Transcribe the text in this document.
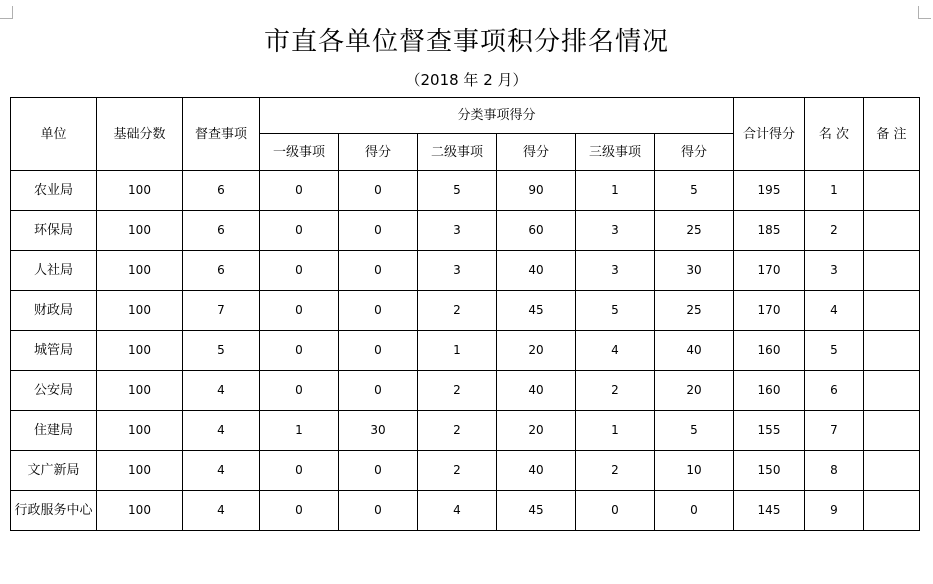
市直各单位督查事项积分排名情况
（2018 年 2 月）
单位	基础分数	督查事项	分类事项得分						合计得分	名 次	备 注
			一级事项	得分	二级事项	得分	三级事项	得分			
农业局	100	6	0	0	5	90	1	5	195	1	
环保局	100	6	0	0	3	60	3	25	185	2	
人社局	100	6	0	0	3	40	3	30	170	3	
财政局	100	7	0	0	2	45	5	25	170	4	
城管局	100	5	0	0	1	20	4	40	160	5	
公安局	100	4	0	0	2	40	2	20	160	6	
住建局	100	4	1	30	2	20	1	5	155	7	
文广新局	100	4	0	0	2	40	2	10	150	8	
行政服务中心	100	4	0	0	4	45	0	0	145	9	
